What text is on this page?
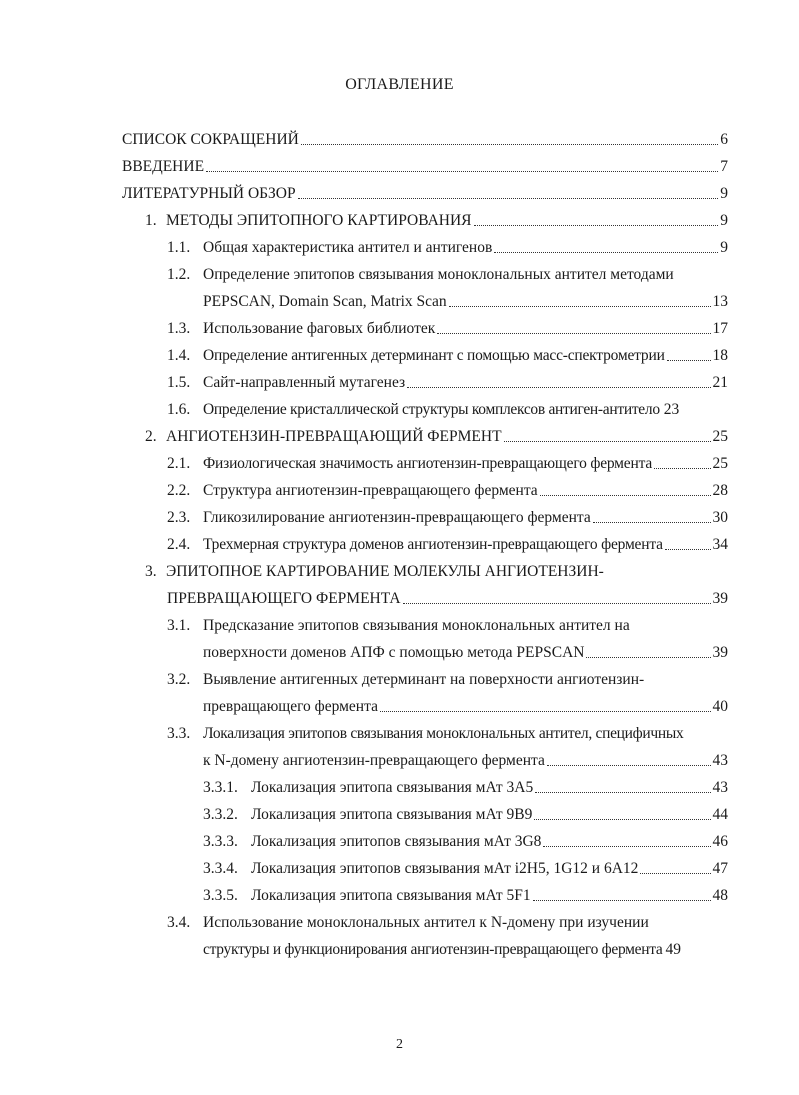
ОГЛАВЛЕНИЕ
СПИСОК СОКРАЩЕНИЙ	6
ВВЕДЕНИЕ	7
ЛИТЕРАТУРНЫЙ ОБЗОР	9
1. МЕТОДЫ ЭПИТОПНОГО КАРТИРОВАНИЯ	9
1.1. Общая характеристика антител и антигенов	9
1.2. Определение эпитопов связывания моноклональных антител методами
PEPSCAN, Domain Scan, Matrix Scan	13
1.3. Использование фаговых библиотек	17
1.4. Определение антигенных детерминант с помощью масс-спектрометрии	18
1.5. Сайт-направленный мутагенез	21
1.6. Определение кристаллической структуры комплексов антиген-антитело 23
2. АНГИОТЕНЗИН-ПРЕВРАЩАЮЩИЙ ФЕРМЕНТ	25
2.1. Физиологическая значимость ангиотензин-превращающего фермента	25
2.2. Структура ангиотензин-превращающего фермента	28
2.3. Гликозилирование ангиотензин-превращающего фермента	30
2.4. Трехмерная структура доменов ангиотензин-превращающего фермента	34
3. ЭПИТОПНОЕ КАРТИРОВАНИЕ МОЛЕКУЛЫ АНГИОТЕНЗИН-
ПРЕВРАЩАЮЩЕГО ФЕРМЕНТА	39
3.1. Предсказание эпитопов связывания моноклональных антител на
поверхности доменов АПФ с помощью метода PEPSCAN	39
3.2. Выявление антигенных детерминант на поверхности ангиотензин-
превращающего фермента	40
3.3. Локализация эпитопов связывания моноклональных антител, специфичных
к N-домену ангиотензин-превращающего фермента	43
3.3.1. Локализация эпитопа связывания мАт 3А5	43
3.3.2. Локализация эпитопа связывания мАт 9В9	44
3.3.3. Локализация эпитопов связывания мАт 3G8	46
3.3.4. Локализация эпитопов связывания мАт i2H5, 1G12 и 6А12	47
3.3.5. Локализация эпитопа связывания мАт 5F1	48
3.4. Использование моноклональных антител к N-домену при изучении
структуры и функционирования ангиотензин-превращающего фермента 49
2
